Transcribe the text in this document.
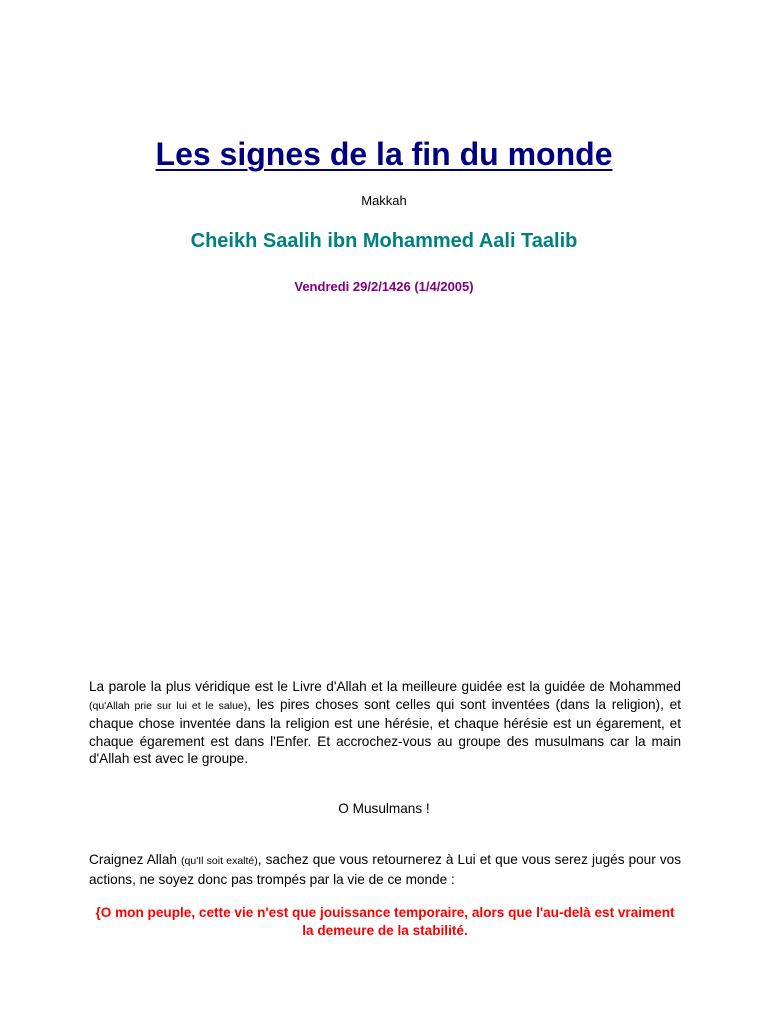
Les signes de la fin du monde
Makkah
Cheikh Saalih ibn Mohammed Aali Taalib
Vendredi 29/2/1426 (1/4/2005)
La parole la plus véridique est le Livre d'Allah et la meilleure guidée est la guidée de Mohammed (qu'Allah prie sur lui et le salue), les pires choses sont celles qui sont inventées (dans la religion), et chaque chose inventée dans la religion est une hérésie, et chaque hérésie est un égarement, et chaque égarement est dans l'Enfer. Et accrochez-vous au groupe des musulmans car la main d'Allah est avec le groupe.
O Musulmans !
Craignez Allah (qu'Il soit exalté), sachez que vous retournerez à Lui et que vous serez jugés pour vos actions, ne soyez donc pas trompés par la vie de ce monde :
{O mon peuple, cette vie n'est que jouissance temporaire, alors que l'au-delà est vraiment la demeure de la stabilité.
